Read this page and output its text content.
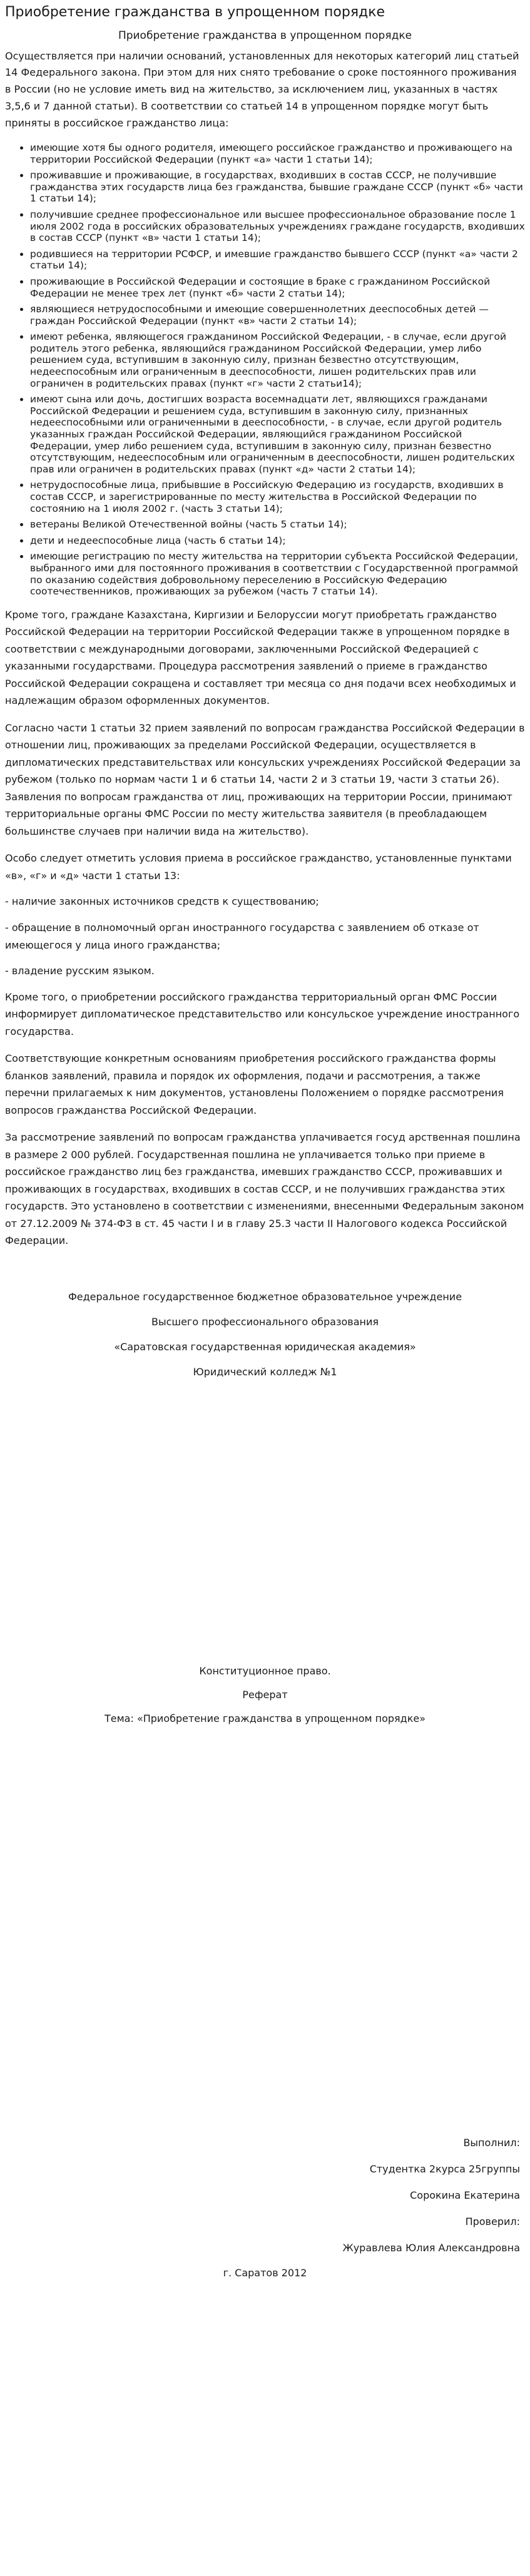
Приобретение гражданства в упрощенном порядке
Приобретение гражданства в упрощенном порядке

Осуществляется при наличии оснований, установленных для некоторых категорий лиц статьей 14 Федерального закона. При этом для них снято требование о сроке постоянного проживания в России (но не условие иметь вид на жительство, за исключением лиц, указанных в частях 3,5,6 и 7 данной статьи). В соответствии со статьей 14 в упрощенном порядке могут быть приняты в российское гражданство лица:

• имеющие хотя бы одного родителя, имеющего российское гражданство и проживающего на территории Российской Федерации (пункт «а» части 1 статьи 14);
• проживавшие и проживающие, в государствах, входивших в состав СССР, не получившие гражданства этих государств лица без гражданства, бывшие граждане СССР (пункт «б» части 1 статьи 14);
• получившие среднее профессиональное или высшее профессиональное образование после 1 июля 2002 года в российских образовательных учреждениях граждане государств, входивших в состав СССР (пункт «в» части 1 статьи 14);
• родившиеся на территории РСФСР, и имевшие гражданство бывшего СССР (пункт «а» части 2 статьи 14);
• проживающие в Российской Федерации и состоящие в браке с гражданином Российской Федерации не менее трех лет (пункт «б» части 2 статьи 14);
• являющиеся нетрудоспособными и имеющие совершеннолетних дееспособных детей — граждан Российской Федерации (пункт «в» части 2 статьи 14);
• имеют ребенка, являющегося гражданином Российской Федерации, - в случае, если другой родитель этого ребенка, являющийся гражданином Российской Федерации, умер либо решением суда, вступившим в законную силу, признан безвестно отсутствующим, недееспособным или ограниченным в дееспособности, лишен родительских прав или ограничен в родительских правах (пункт «г» части 2 статьи14);
• имеют сына или дочь, достигших возраста восемнадцати лет, являющихся гражданами Российской Федерации и решением суда, вступившим в законную силу, признанных недееспособными или ограниченными в дееспособности, - в случае, если другой родитель указанных граждан Российской Федерации, являющийся гражданином Российской Федерации, умер либо решением суда, вступившим в законную силу, признан безвестно отсутствующим, недееспособным или ограниченным в дееспособности, лишен родительских прав или ограничен в родительских правах (пункт «д» части 2 статьи 14);
• нетрудоспособные лица, прибывшие в Российскую Федерацию из государств, входивших в состав СССР, и зарегистрированные по месту жительства в Российской Федерации по состоянию на 1 июля 2002 г. (часть 3 статьи 14);
• ветераны Великой Отечественной войны (часть 5 статьи 14);
• дети и недееспособные лица (часть 6 статьи 14);
• имеющие регистрацию по месту жительства на территории субъекта Российской Федерации, выбранного ими для постоянного проживания в соответствии с Государственной программой по оказанию содействия добровольному переселению в Российскую Федерацию соотечественников, проживающих за рубежом (часть 7 статьи 14).

Кроме того, граждане Казахстана, Киргизии и Белоруссии могут приобретать гражданство Российской Федерации на территории Российской Федерации также в упрощенном порядке в соответствии с международными договорами, заключенными Российской Федерацией с указанными государствами. Процедура рассмотрения заявлений о приеме в гражданство Российской Федерации сокращена и составляет три месяца со дня подачи всех необходимых и надлежащим образом оформленных документов.

Согласно части 1 статьи 32 прием заявлений по вопросам гражданства Российской Федерации в отношении лиц, проживающих за пределами Российской Федерации, осуществляется в дипломатических представительствах или консульских учреждениях Российской Федерации за рубежом (только по нормам части 1 и 6 статьи 14, части 2 и 3 статьи 19, части 3 статьи 26). Заявления по вопросам гражданства от лиц, проживающих на территории России, принимают территориальные органы ФМС России по месту жительства заявителя (в преобладающем большинстве случаев при наличии вида на жительство).

Особо следует отметить условия приема в российское гражданство, установленные пунктами «в», «г» и «д» части 1 статьи 13:

- наличие законных источников средств к существованию;

- обращение в полномочный орган иностранного государства с заявлением об отказе от имеющегося у лица иного гражданства;

- владение русским языком.

Кроме того, о приобретении российского гражданства территориальный орган ФМС России информирует дипломатическое представительство или консульское учреждение иностранного государства.

Соответствующие конкретным основаниям приобретения российского гражданства формы бланков заявлений, правила и порядок их оформления, подачи и рассмотрения, а также перечни прилагаемых к ним документов, установлены Положением о порядке рассмотрения вопросов гражданства Российской Федерации.

За рассмотрение заявлений по вопросам гражданства уплачивается госуд арственная пошлина в размере 2 000 рублей. Государственная пошлина не уплачивается только при приеме в российское гражданство лиц без гражданства, имевших гражданство СССР, проживавших и проживающих в государствах, входивших в состав СССР, и не получивших гражданства этих государств. Это установлено в соответствии с изменениями, внесенными Федеральным законом от 27.12.2009 № 374-ФЗ в ст. 45 части I и в главу 25.3 части II Налогового кодекса Российской Федерации.

Федеральное государственное бюджетное образовательное учреждение
Высшего профессионального образования
«Саратовская государственная юридическая академия»
Юридический колледж №1
Конституционное право.
Реферат
Тема: «Приобретение гражданства в упрощенном порядке»
Выполнил:
Студентка 2курса 25группы
Сорокина Екатерина
Проверил:
Журавлева Юлия Александровна
г. Саратов 2012
